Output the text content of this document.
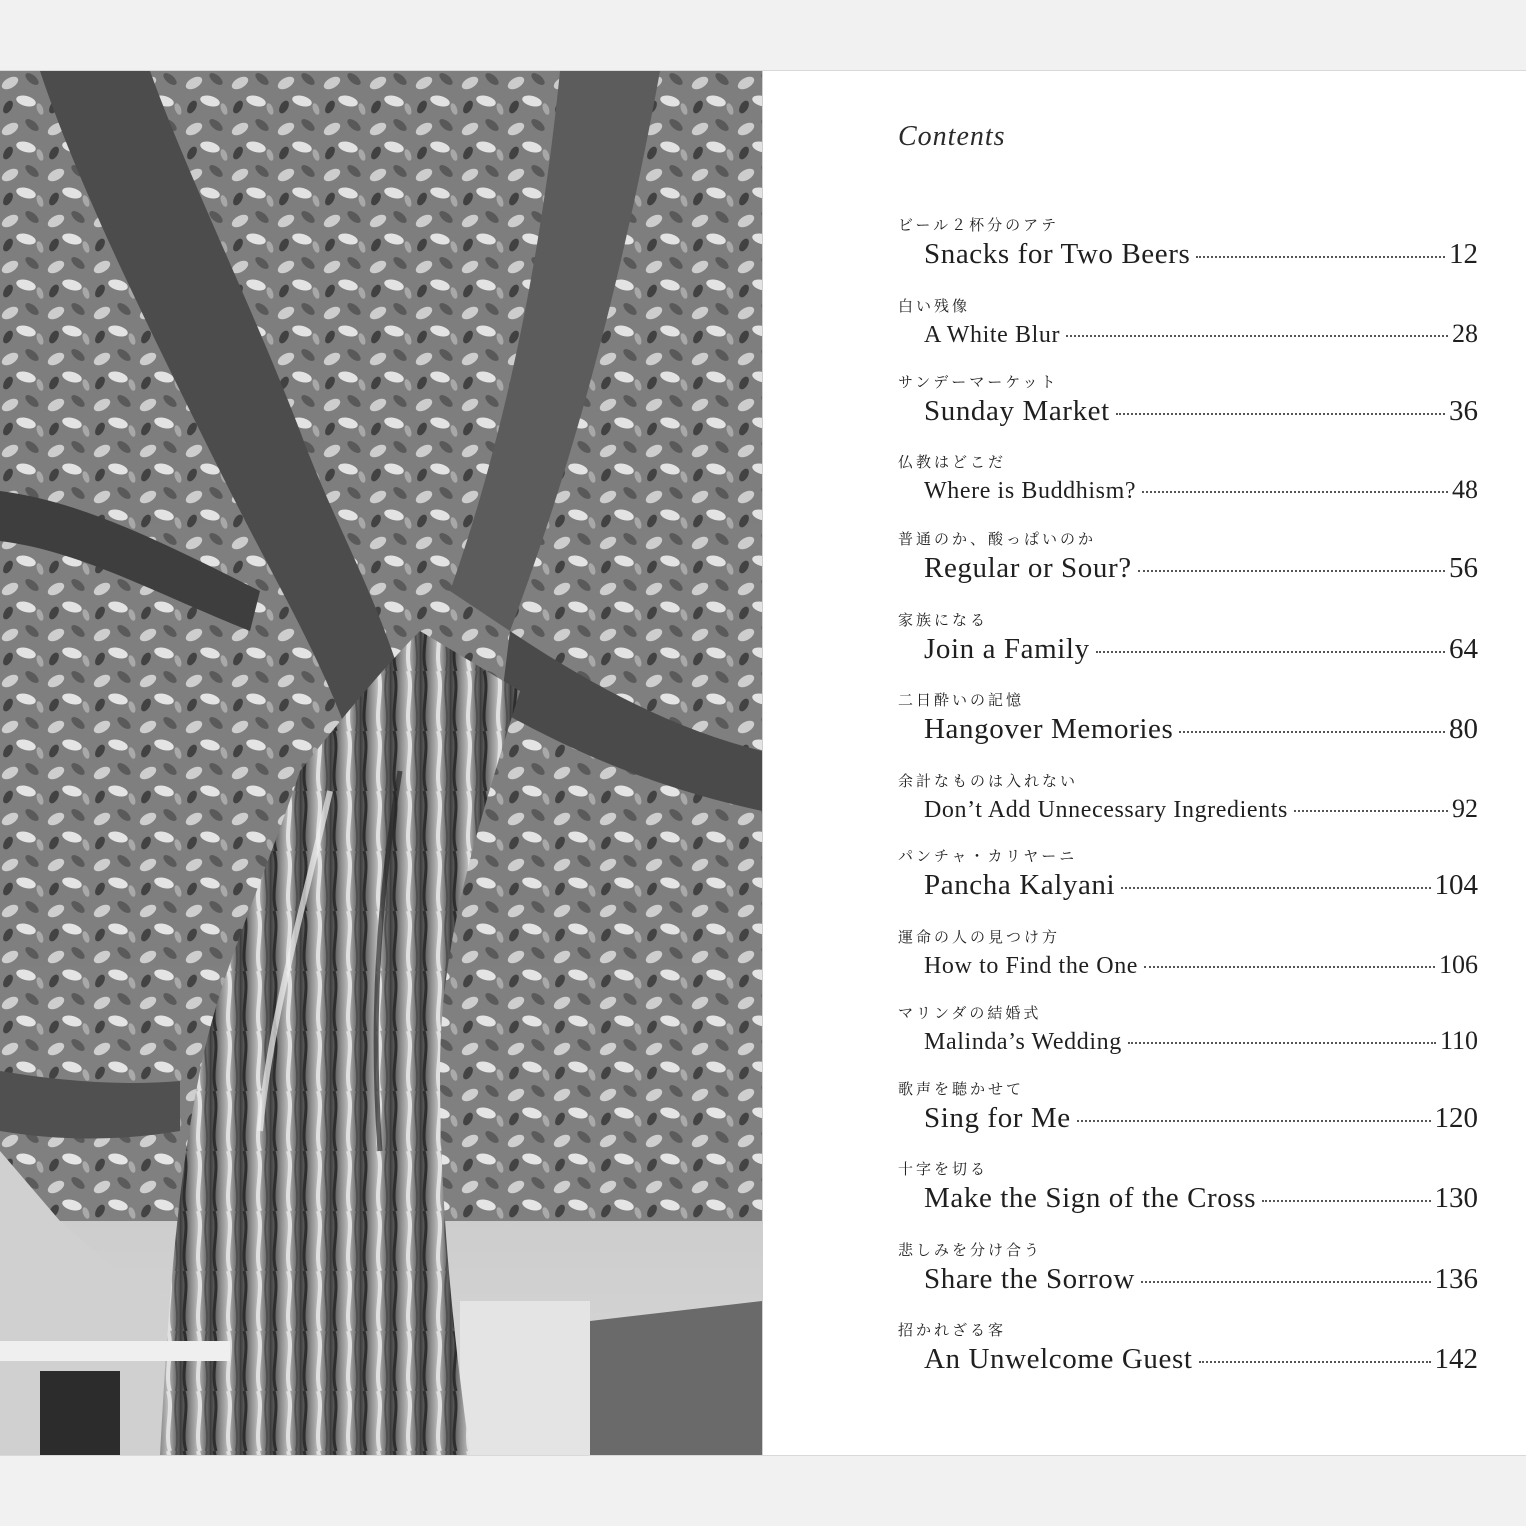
Contents
ビール２杯分のアテ
Snacks for Two Beers	12
白い残像
A White Blur	28
サンデーマーケット
Sunday Market	36
仏教はどこだ
Where is Buddhism?	48
普通のか、酸っぱいのか
Regular or Sour?	56
家族になる
Join a Family	64
二日酔いの記憶
Hangover Memories	80
余計なものは入れない
Don’t Add Unnecessary Ingredients	92
パンチャ・カリヤーニ
Pancha Kalyani	104
運命の人の見つけ方
How to Find the One	106
マリンダの結婚式
Malinda’s Wedding	110
歌声を聴かせて
Sing for Me	120
十字を切る
Make the Sign of the Cross	130
悲しみを分け合う
Share the Sorrow	136
招かれざる客
An Unwelcome Guest	142
